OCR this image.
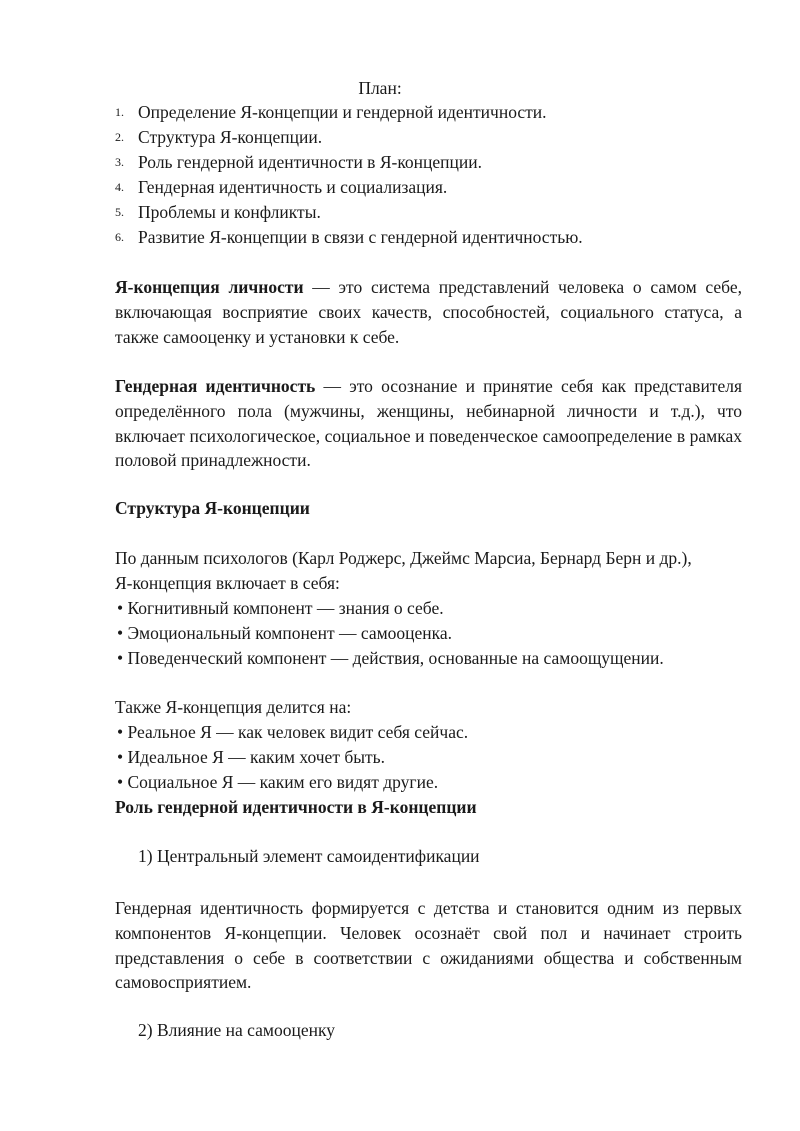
План:
1. Определение Я-концепции и гендерной идентичности.
2. Структура Я-концепции.
3. Роль гендерной идентичности в Я-концепции.
4. Гендерная идентичность и социализация.
5. Проблемы и конфликты.
6. Развитие Я-концепции в связи с гендерной идентичностью.
Я-концепция личности — это система представлений человека о самом себе, включающая восприятие своих качеств, способностей, социального статуса, а также самооценку и установки к себе.
Гендерная идентичность — это осознание и принятие себя как представителя определённого пола (мужчины, женщины, небинарной личности и т.д.), что включает психологическое, социальное и поведенческое самоопределение в рамках половой принадлежности.
Структура Я-концепции
По данным психологов (Карл Роджерс, Джеймс Марсиа, Бернард Берн и др.),
Я-концепция включает в себя:
• Когнитивный компонент — знания о себе.
• Эмоциональный компонент — самооценка.
• Поведенческий компонент — действия, основанные на самоощущении.
Также Я-концепция делится на:
• Реальное Я — как человек видит себя сейчас.
• Идеальное Я — каким хочет быть.
• Социальное Я — каким его видят другие.
Роль гендерной идентичности в Я-концепции
1) Центральный элемент самоидентификации
Гендерная идентичность формируется с детства и становится одним из первых компонентов Я-концепции. Человек осознаёт свой пол и начинает строить представления о себе в соответствии с ожиданиями общества и собственным самовосприятием.
2) Влияние на самооценку
